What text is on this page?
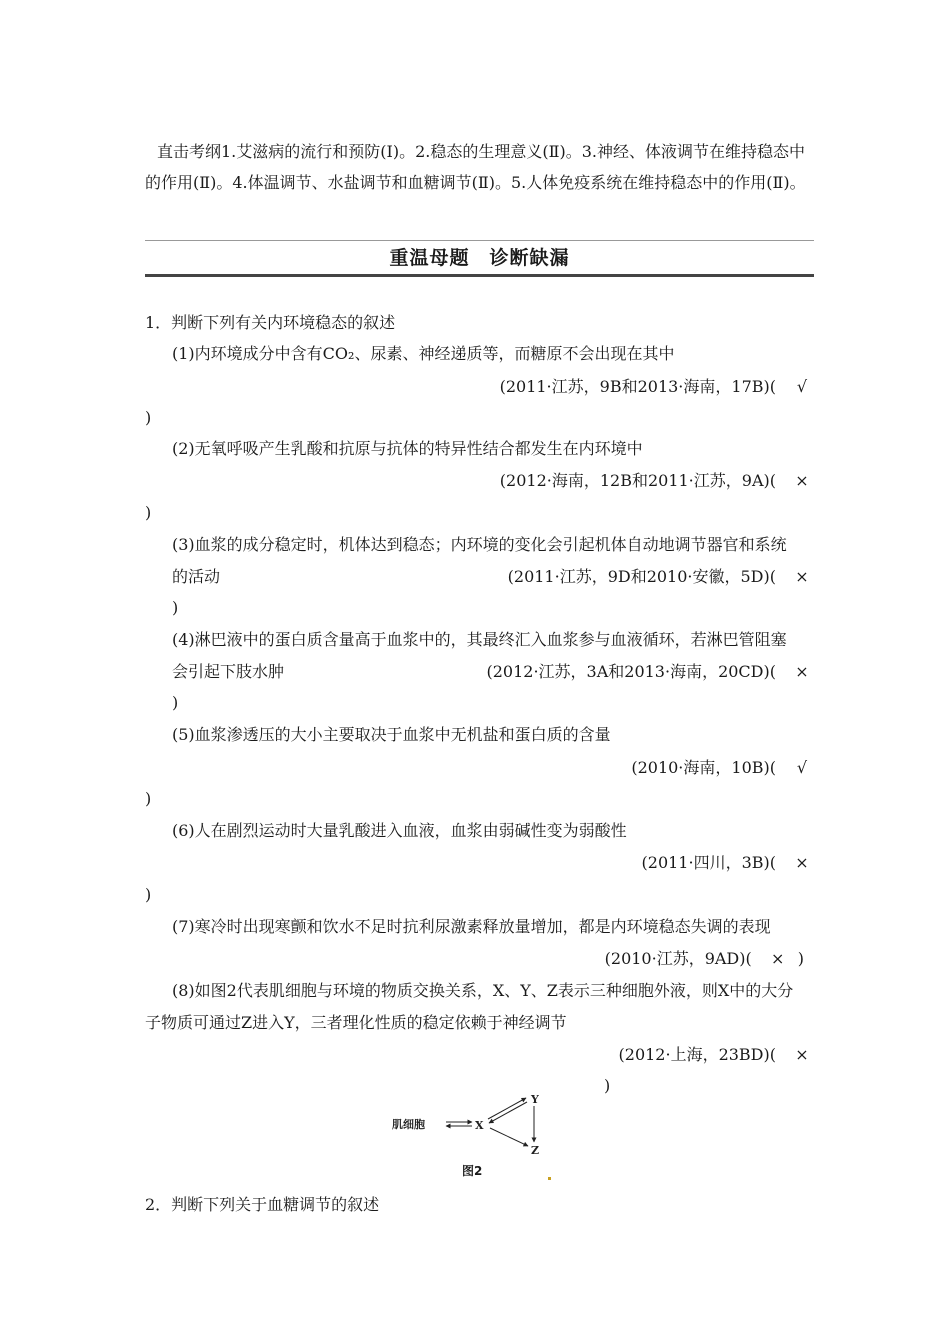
直击考纲1.艾滋病的流行和预防(Ⅰ)。2.稳态的生理意义(Ⅱ)。3.神经、体液调节在维持稳态中的作用(Ⅱ)。4.体温调节、水盐调节和血糖调节(Ⅱ)。5.人体免疫系统在维持稳态中的作用(Ⅱ)。

重温母题　诊断缺漏

1．判断下列有关内环境稳态的叙述

(1)内环境成分中含有CO₂、尿素、神经递质等，而糖原不会出现在其中

(2011·江苏，9B和2013·海南，17B)( √

)

(2)无氧呼吸产生乳酸和抗原与抗体的特异性结合都发生在内环境中

(2012·海南，12B和2011·江苏，9A)( ×

)

(3)血浆的成分稳定时，机体达到稳态；内环境的变化会引起机体自动地调节器官和系统

的活动	(2011·江苏，9D和2010·安徽，5D)( ×

)

(4)淋巴液中的蛋白质含量高于血浆中的，其最终汇入血浆参与血液循环，若淋巴管阻塞

会引起下肢水肿	(2012·江苏，3A和2013·海南，20CD)( ×

)

(5)血浆渗透压的大小主要取决于血浆中无机盐和蛋白质的含量

(2010·海南，10B)( √

)

(6)人在剧烈运动时大量乳酸进入血液，血浆由弱碱性变为弱酸性

(2011·四川，3B)( ×

)

(7)寒冷时出现寒颤和饮水不足时抗利尿激素释放量增加，都是内环境稳态失调的表现

(2010·江苏，9AD)( × )

(8)如图2代表肌细胞与环境的物质交换关系，X、Y、Z表示三种细胞外液，则X中的大分

子物质可通过Z进入Y，三者理化性质的稳定依赖于神经调节

(2012·上海，23BD)( ×

)

肌细胞	X
Y
Z
图2

2．判断下列关于血糖调节的叙述
